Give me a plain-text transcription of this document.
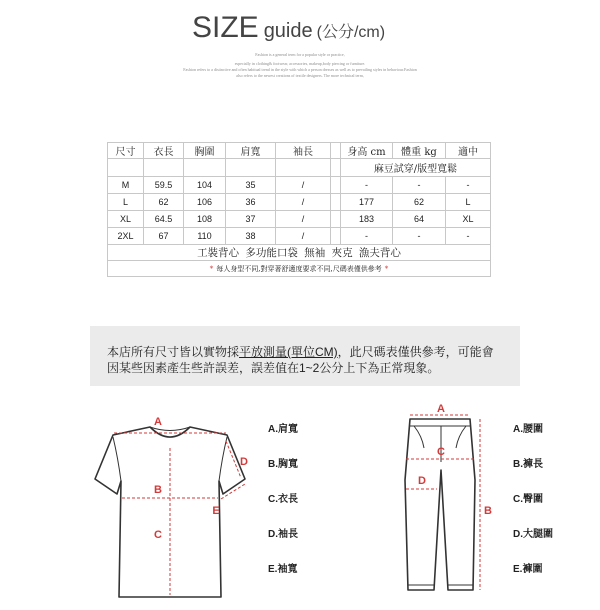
SIZE guide (公分/cm)
Fashion is a general term for a popular style or practice,
especially in clothing& footwear, accessories, makeup,body piercing or furniture.
Fashion refers to a distinctive and often habitual trend in the style with which a person dresses as well as to prevailing styles in behaviour.Fashion
also refers to the newest creations of textile designers. The more technical term,
尺寸	衣長	胸圍	肩寬	袖長		身高 cm	體重 kg	適中
						麻豆試穿/版型寬鬆		
M	59.5	104	35	/		-	-	-
L	62	106	36	/		177	62	L
XL	64.5	108	37	/		183	64	XL
2XL	67	110	38	/		-	-	-
工裝背心 多功能口袋 無袖 夾克 漁夫背心								
* 每人身型不同,對穿著舒適度要求不同,尺碼表僅供參考 *								
本店所有尺寸皆以實物採平放測量(單位CM)，此尺碼表僅供參考，可能會
因某些因素產生些許誤差，誤差值在1~2公分上下為正常現象。
A
B
C
D
E
A
B
C
D
A.肩寬
B.胸寬
C.衣長
D.袖長
E.袖寬
A.腰圍
B.褲長
C.臀圍
D.大腿圍
E.褲圍
